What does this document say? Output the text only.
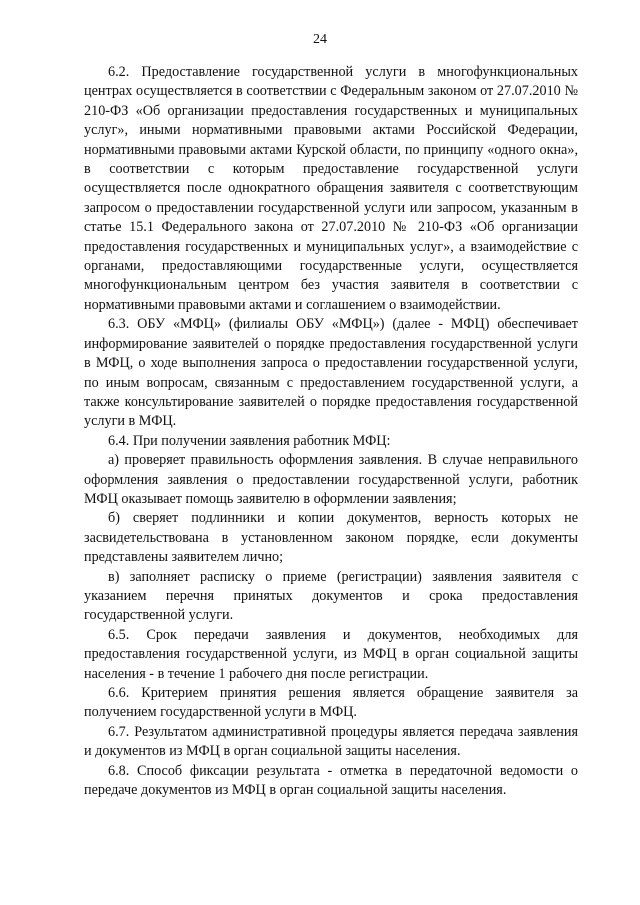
24

6.2. Предоставление государственной услуги в многофункциональных центрах осуществляется в соответствии с Федеральным законом от 27.07.2010 № 210-ФЗ «Об организации предоставления государственных и муниципальных услуг», иными нормативными правовыми актами Российской Федерации, нормативными правовыми актами Курской области, по принципу «одного окна», в соответствии с которым предоставление государственной услуги осуществляется после однократного обращения заявителя с соответствующим запросом о предоставлении государственной услуги или запросом, указанным в статье 15.1 Федерального закона от 27.07.2010 № 210-ФЗ «Об организации предоставления государственных и муниципальных услуг», а взаимодействие с органами, предоставляющими государственные услуги, осуществляется многофункциональным центром без участия заявителя в соответствии с нормативными правовыми актами и соглашением о взаимодействии.

6.3. ОБУ «МФЦ» (филиалы ОБУ «МФЦ») (далее - МФЦ) обеспечивает информирование заявителей о порядке предоставления государственной услуги в МФЦ, о ходе выполнения запроса о предоставлении государственной услуги, по иным вопросам, связанным с предоставлением государственной услуги, а также консультирование заявителей о порядке предоставления государственной услуги в МФЦ.

6.4. При получении заявления работник МФЦ:

а) проверяет правильность оформления заявления. В случае неправильного оформления заявления о предоставлении государственной услуги, работник МФЦ оказывает помощь заявителю в оформлении заявления;

б) сверяет подлинники и копии документов, верность которых не засвидетельствована в установленном законом порядке, если документы представлены заявителем лично;

в) заполняет расписку о приеме (регистрации) заявления заявителя с указанием перечня принятых документов и срока предоставления государственной услуги.

6.5. Срок передачи заявления и документов, необходимых для предоставления государственной услуги, из МФЦ в орган социальной защиты населения - в течение 1 рабочего дня после регистрации.

6.6. Критерием принятия решения является обращение заявителя за получением государственной услуги в МФЦ.

6.7. Результатом административной процедуры является передача заявления и документов из МФЦ в орган социальной защиты населения.

6.8. Способ фиксации результата - отметка в передаточной ведомости о передаче документов из МФЦ в орган социальной защиты населения.
